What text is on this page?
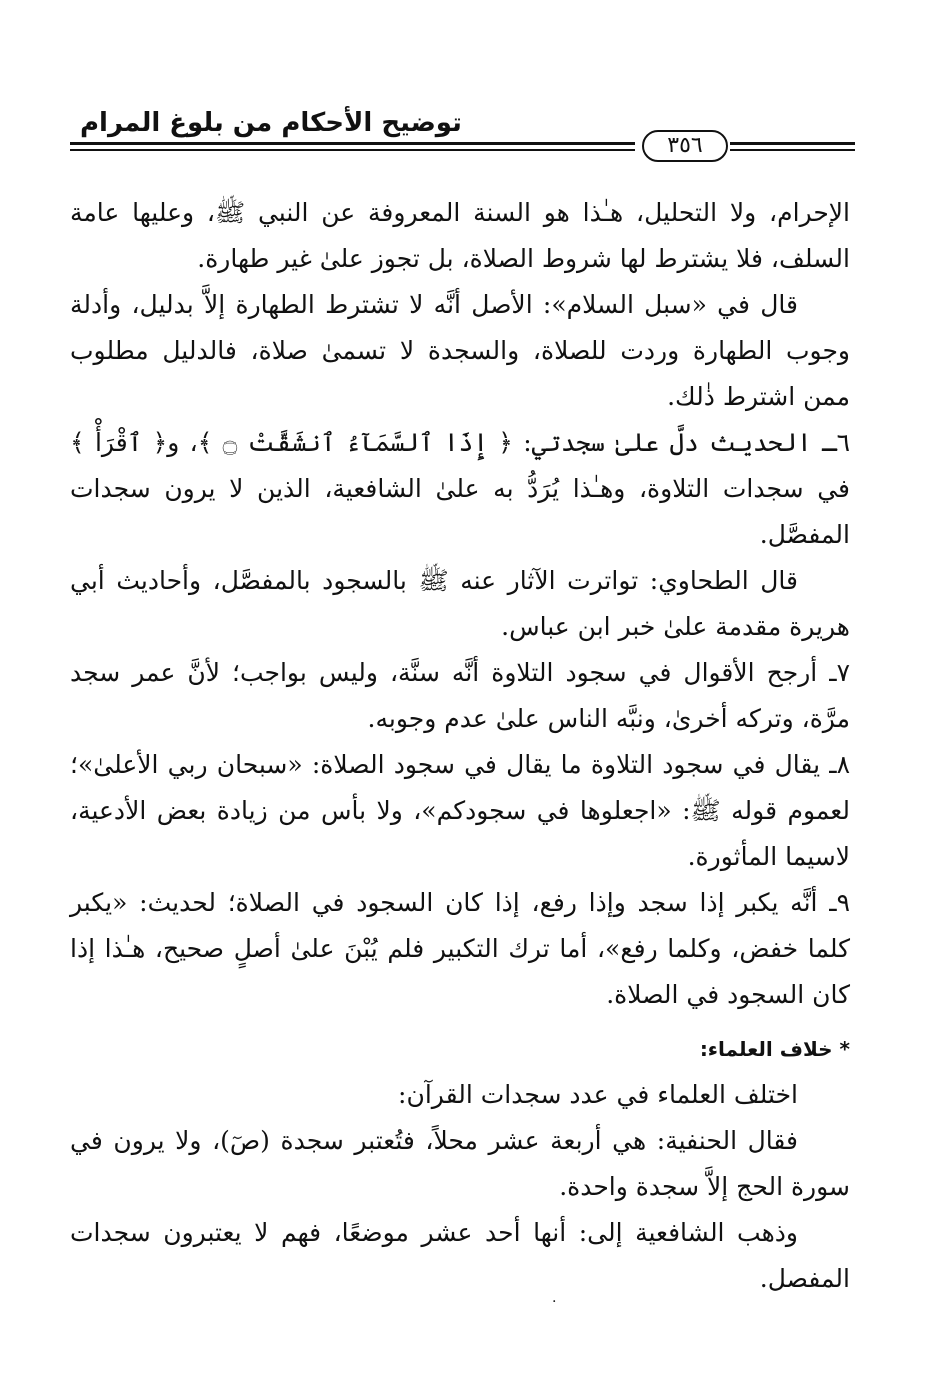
توضيح الأحكام من بلوغ المرام
٣٥٦

الإحرام، ولا التحليل، هـٰذا هو السنة المعروفة عن النبي ﷺ، وعليها عامة السلف، فلا يشترط لها شروط الصلاة، بل تجوز علىٰ غير طهارة.

قال في «سبل السلام»: الأصل أنَّه لا تشترط الطهارة إلاَّ بدليل، وأدلة وجوب الطهارة وردت للصلاة، والسجدة لا تسمىٰ صلاة، فالدليل مطلوب ممن اشترط ذٰلك.

٦ـ الحديث دلَّ علىٰ سجدتي: ﴿ إِذَا ٱلسَّمَآءُ ٱنشَقَّتْ ۝ ﴾، و﴿ ٱقْرَأْ ﴾ في سجدات التلاوة، وهـٰذا يُرَدُّ به علىٰ الشافعية، الذين لا يرون سجدات المفصَّل.

قال الطحاوي: تواترت الآثار عنه ﷺ بالسجود بالمفصَّل، وأحاديث أبي هريرة مقدمة علىٰ خبر ابن عباس.

٧ـ أرجح الأقوال في سجود التلاوة أنَّه سنَّة، وليس بواجب؛ لأنَّ عمر سجد مرَّة، وتركه أخرىٰ، ونبَّه الناس علىٰ عدم وجوبه.

٨ـ يقال في سجود التلاوة ما يقال في سجود الصلاة: «سبحان ربي الأعلىٰ»؛ لعموم قوله ﷺ: «اجعلوها في سجودكم»، ولا بأس من زيادة بعض الأدعية، لاسيما المأثورة.

٩ـ أنَّه يكبر إذا سجد وإذا رفع، إذا كان السجود في الصلاة؛ لحديث: «يكبر كلما خفض، وكلما رفع»، أما ترك التكبير فلم يُبْنَ علىٰ أصلٍ صحيح، هـٰذا إذا كان السجود في الصلاة.

* خلاف العلماء:

اختلف العلماء في عدد سجدات القرآن:

فقال الحنفية: هي أربعة عشر محلاً، فتُعتبر سجدة (صٓ)، ولا يرون في سورة الحج إلاَّ سجدة واحدة.

وذهب الشافعية إلى: أنها أحد عشر موضعًا، فهم لا يعتبرون سجدات المفصل.

.
